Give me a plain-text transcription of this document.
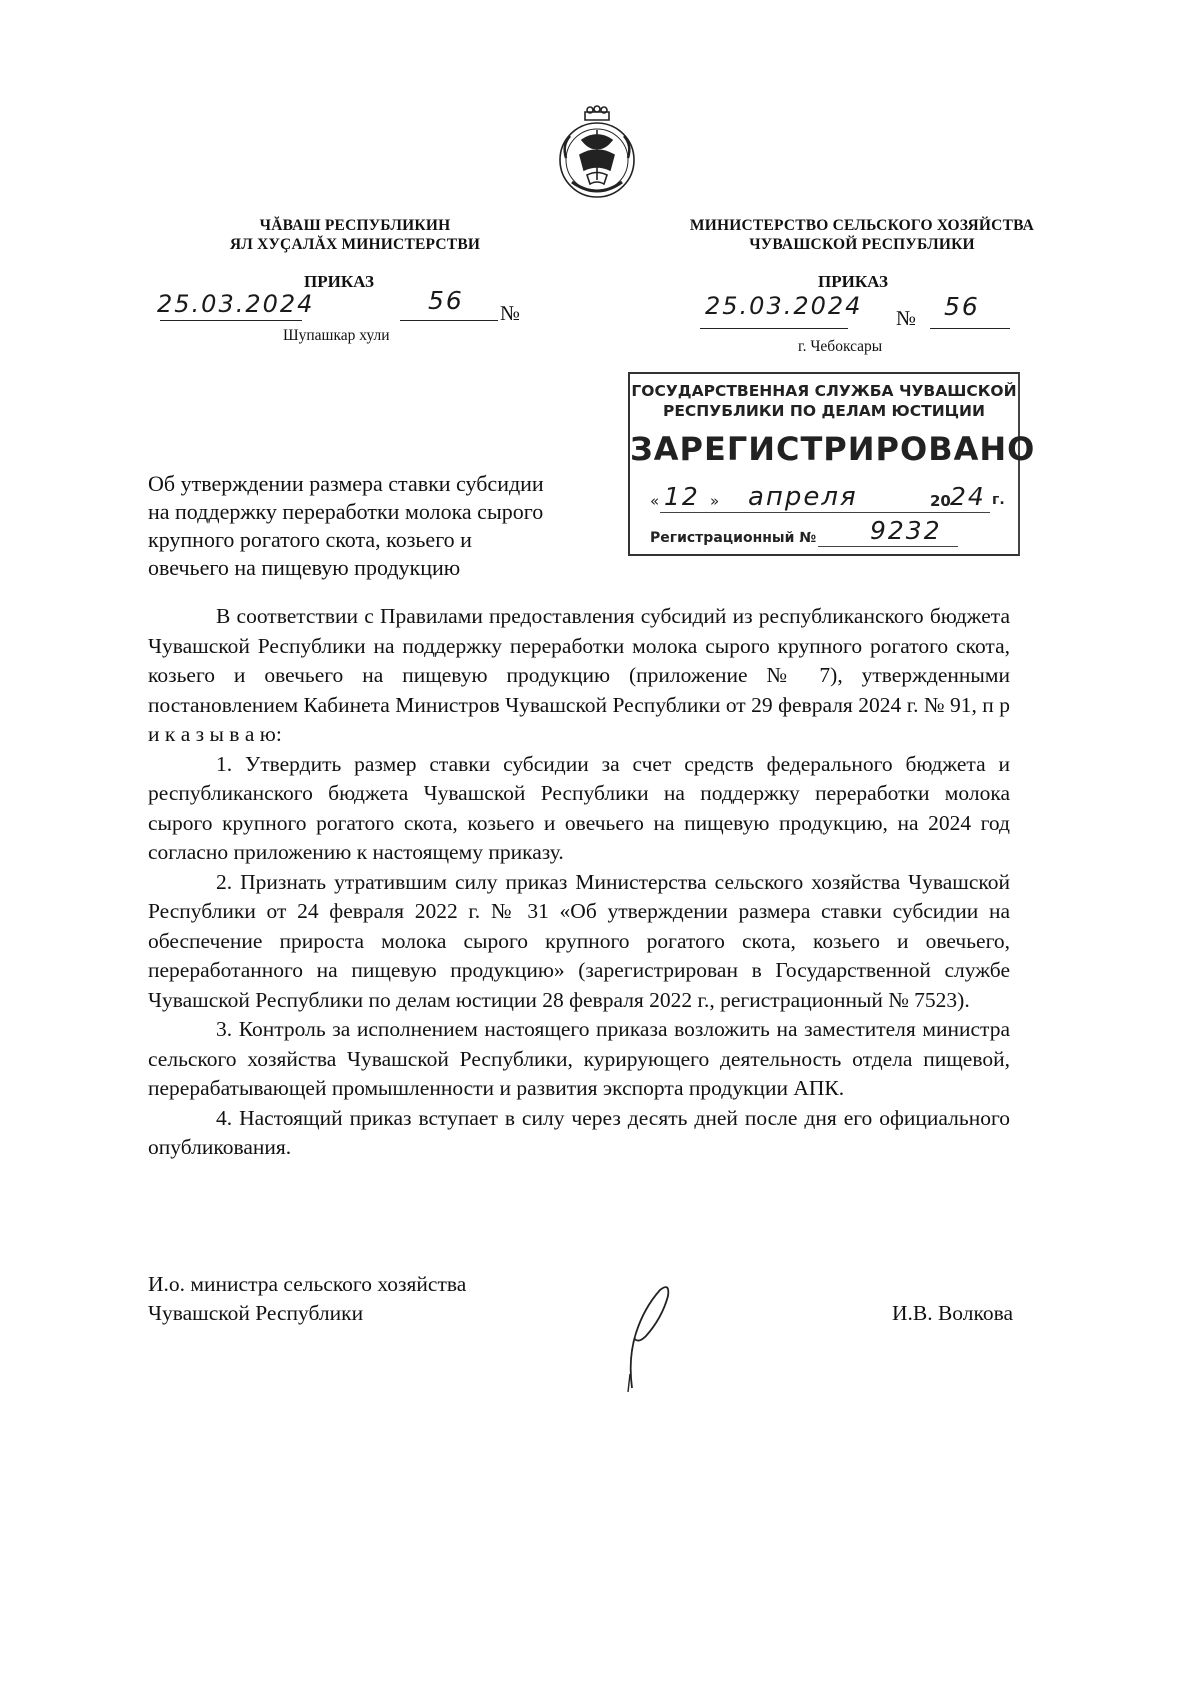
ЧĂВАШ РЕСПУБЛИКИН
ЯЛ ХУҪАЛĂХ МИНИСТЕРСТВИ
ПРИКАЗ
25.03.2024	56 №
Шупашкар хули
МИНИСТЕРСТВО СЕЛЬСКОГО ХОЗЯЙСТВА
ЧУВАШСКОЙ РЕСПУБЛИКИ
ПРИКАЗ
25.03.2024 № 56
г. Чебоксары
ГОСУДАРСТВЕННАЯ СЛУЖБА ЧУВАШСКОЙ
РЕСПУБЛИКИ ПО ДЕЛАМ ЮСТИЦИИ
ЗАРЕГИСТРИРОВАНО
« 12 » апреля	20 24 г.
Регистрационный № 9232
Об утверждении размера ставки субсидии
на поддержку переработки молока сырого
крупного рогатого скота, козьего и
овечьего на пищевую продукцию

В соответствии с Правилами предоставления субсидий из республиканского бюджета Чувашской Республики на поддержку переработки молока сырого крупного рогатого скота, козьего и овечьего на пищевую продукцию (приложение № 7), утвержденными постановлением Кабинета Министров Чувашской Республики от 29 февраля 2024 г. № 91, п р и к а з ы в а ю:

1. Утвердить размер ставки субсидии за счет средств федерального бюджета и республиканского бюджета Чувашской Республики на поддержку переработки молока сырого крупного рогатого скота, козьего и овечьего на пищевую продукцию, на 2024 год согласно приложению к настоящему приказу.

2. Признать утратившим силу приказ Министерства сельского хозяйства Чувашской Республики от 24 февраля 2022 г. № 31 «Об утверждении размера ставки субсидии на обеспечение прироста молока сырого крупного рогатого скота, козьего и овечьего, переработанного на пищевую продукцию» (зарегистрирован в Государственной службе Чувашской Республики по делам юстиции 28 февраля 2022 г., регистрационный № 7523).

3. Контроль за исполнением настоящего приказа возложить на заместителя министра сельского хозяйства Чувашской Республики, курирующего деятельность отдела пищевой, перерабатывающей промышленности и развития экспорта продукции АПК.

4. Настоящий приказ вступает в силу через десять дней после дня его официального опубликования.

И.о. министра сельского хозяйства
Чувашской Республики	И.В. Волкова
